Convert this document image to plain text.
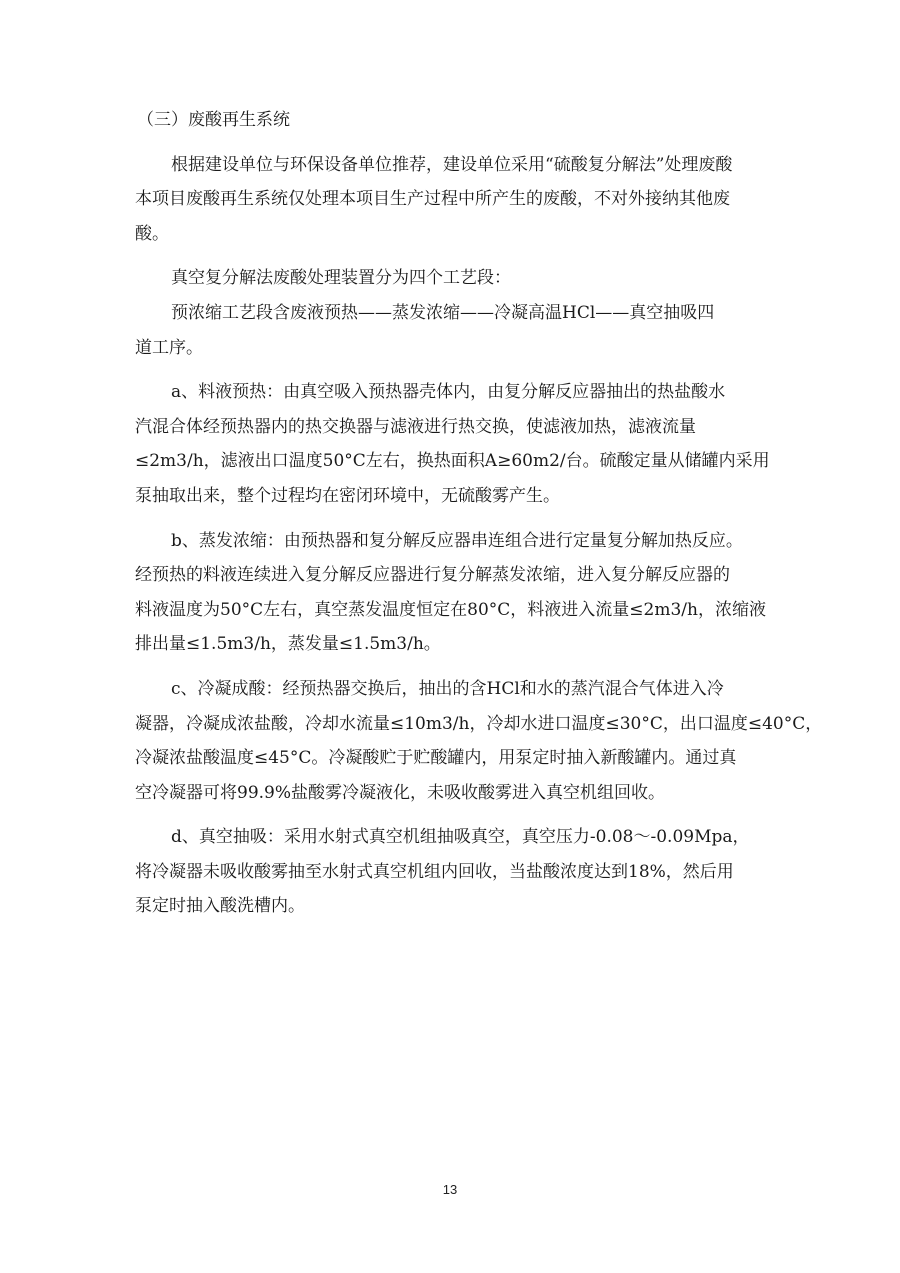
（三）废酸再生系统
根据建设单位与环保设备单位推荐，建设单位采用“硫酸复分解法”处理废酸
本项目废酸再生系统仅处理本项目生产过程中所产生的废酸，不对外接纳其他废
酸。
真空复分解法废酸处理装置分为四个工艺段：
预浓缩工艺段含废液预热——蒸发浓缩——冷凝高温HCl——真空抽吸四
道工序。
a、料液预热：由真空吸入预热器壳体内，由复分解反应器抽出的热盐酸水
汽混合体经预热器内的热交换器与滤液进行热交换，使滤液加热，滤液流量
≤2m3/h，滤液出口温度50°C左右，换热面积A≥60m2/台。硫酸定量从储罐内采用
泵抽取出来，整个过程均在密闭环境中，无硫酸雾产生。
b、蒸发浓缩：由预热器和复分解反应器串连组合进行定量复分解加热反应。
经预热的料液连续进入复分解反应器进行复分解蒸发浓缩，进入复分解反应器的
料液温度为50°C左右，真空蒸发温度恒定在80°C，料液进入流量≤2m3/h，浓缩液
排出量≤1.5m3/h，蒸发量≤1.5m3/h。
c、冷凝成酸：经预热器交换后，抽出的含HCl和水的蒸汽混合气体进入冷
凝器，冷凝成浓盐酸，冷却水流量≤10m3/h，冷却水进口温度≤30°C，出口温度≤40°C，
冷凝浓盐酸温度≤45°C。冷凝酸贮于贮酸罐内，用泵定时抽入新酸罐内。通过真
空冷凝器可将99.9%盐酸雾冷凝液化，未吸收酸雾进入真空机组回收。
d、真空抽吸：采用水射式真空机组抽吸真空，真空压力-0.08～-0.09Mpa，
将冷凝器未吸收酸雾抽至水射式真空机组内回收，当盐酸浓度达到18%，然后用
泵定时抽入酸洗槽内。
13
